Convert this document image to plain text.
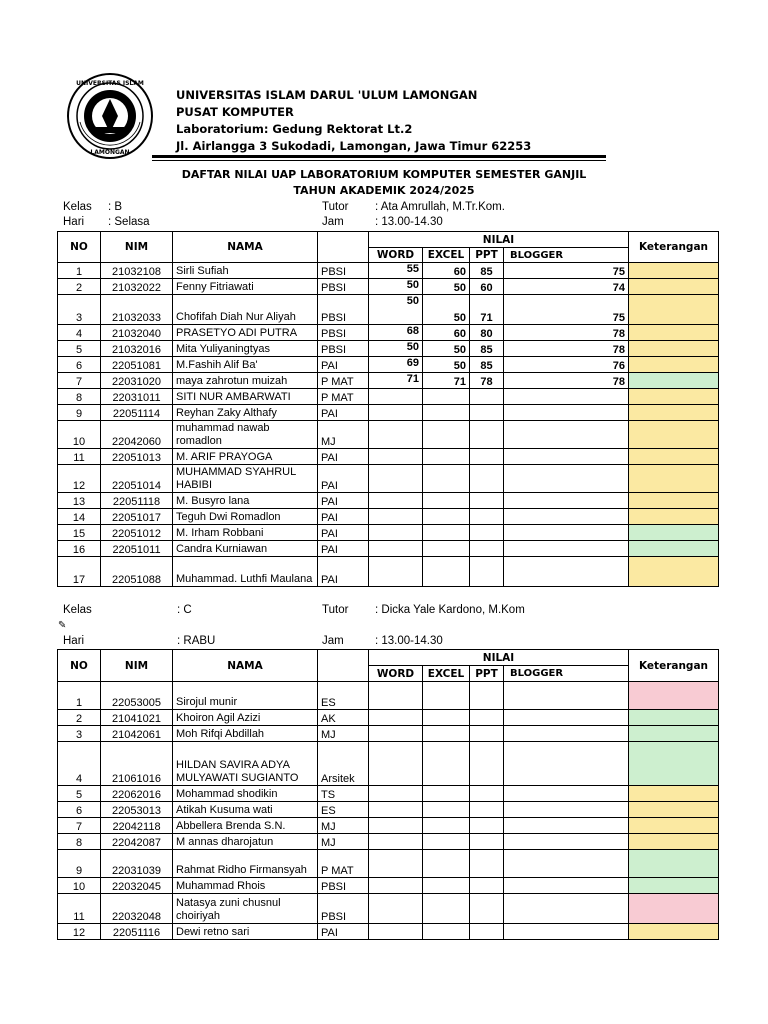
UNIVERSITAS ISLAM
LAMONGAN
UNIVERSITAS ISLAM DARUL 'ULUM LAMONGAN
PUSAT KOMPUTER
Laboratorium: Gedung Rektorat Lt.2
Jl. Airlangga 3 Sukodadi, Lamongan, Jawa Timur 62253
DAFTAR NILAI UAP LABORATORIUM KOMPUTER SEMESTER GANJIL
TAHUN AKADEMIK 2024/2025
Kelas : B	Tutor : Ata Amrullah, M.Tr.Kom.
Hari : Selasa	Jam	: 13.00-14.30
NO	NIM	NAMA		NILAI				Keterangan
				WORD	EXCEL	PPT	BLOGGER	
1	21032108	Sirli Sufiah	PBSI	55	60	85	75	
2	21032022	Fenny Fitriawati	PBSI	50	50	60	74	
3	21032033	Chofifah Diah Nur Aliyah	PBSI	50	50	71	75	
4	21032040	PRASETYO ADI PUTRA	PBSI	68	60	80	78	
5	21032016	Mita Yuliyaningtyas	PBSI	50	50	85	78	
6	22051081	M.Fashih Alif Ba'	PAI	69	50	85	76	
7	22031020	maya zahrotun muizah	P MAT	71	71	78	78	
8	22031011	SITI NUR AMBARWATI	P MAT					
9	22051114	Reyhan Zaky Althafy	PAI					
10	22042060	muhammad nawab romadlon	MJ					
11	22051013	M. ARIF PRAYOGA	PAI					
12	22051014	MUHAMMAD SYAHRUL HABIBI	PAI					
13	22051118	M. Busyro lana	PAI					
14	22051017	Teguh Dwi Romadlon	PAI					
15	22051012	M. Irham Robbani	PAI					
16	22051011	Candra Kurniawan	PAI					
17	22051088	Muhammad. Luthfi Maulana	PAI					
Kelas	: C	Tutor : Dicka Yale Kardono, M.Kom
✎
Hari	: RABU	Jam	: 13.00-14.30
NO	NIM	NAMA		NILAI				Keterangan
				WORD	EXCEL	PPT	BLOGGER	
1	22053005	Sirojul munir	ES					
2	21041021	Khoiron Agil Azizi	AK					
3	21042061	Moh Rifqi Abdillah	MJ					
4	21061016	HILDAN SAVIRA ADYA MULYAWATI SUGIANTO	Arsitek					
5	22062016	Mohammad shodikin	TS					
6	22053013	Atikah Kusuma wati	ES					
7	22042118	Abbellera Brenda S.N.	MJ					
8	22042087	M annas dharojatun	MJ					
9	22031039	Rahmat Ridho Firmansyah	P MAT					
10	22032045	Muhammad Rhois	PBSI					
11	22032048	Natasya zuni chusnul choiriyah	PBSI					
12	22051116	Dewi retno sari	PAI					
